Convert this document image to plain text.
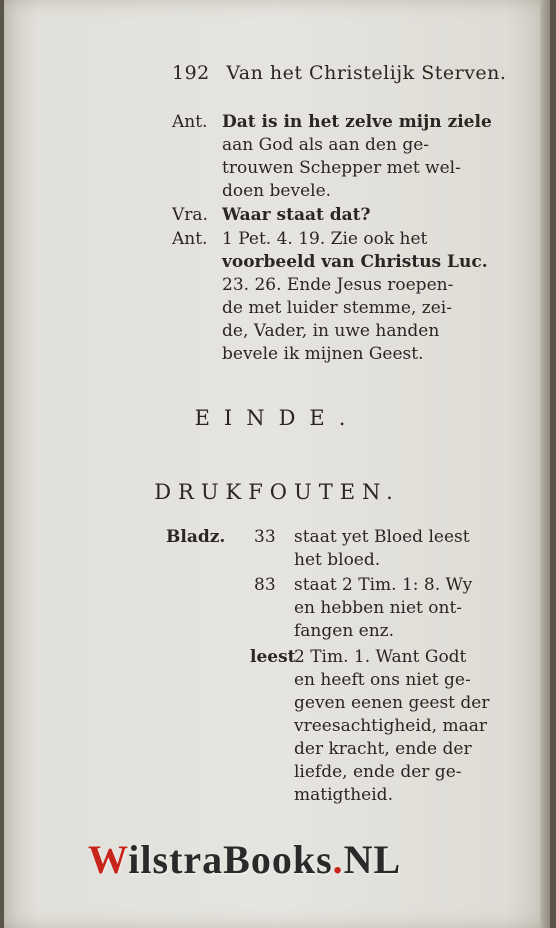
192 Van het Christelijk Sterven.
Ant. Dat is in het zelve mijn ziele
aan God als aan den ge-
trouwen Schepper met wel-
doen bevele.
Vra. Waar staat dat?
Ant. 1 Pet. 4. 19. Zie ook het
voorbeeld van Christus Luc.
23. 26. Ende Jesus roepen-
de met luider stemme, zei-
de, Vader, in uwe handen
bevele ik mijnen Geest.
EINDE.
DRUKFOUTEN.
Bladz. 33 staat yet Bloed leest
het bloed.
83 staat 2 Tim. 1: 8. Wy
en hebben niet ont-
fangen enz.
leest
2 Tim. 1. Want Godt
en heeft ons niet ge-
geven eenen geest der
vreesachtigheid, maar
der kracht, ende der
liefde, ende der ge-
matigtheid.
WilstraBooks.NL
